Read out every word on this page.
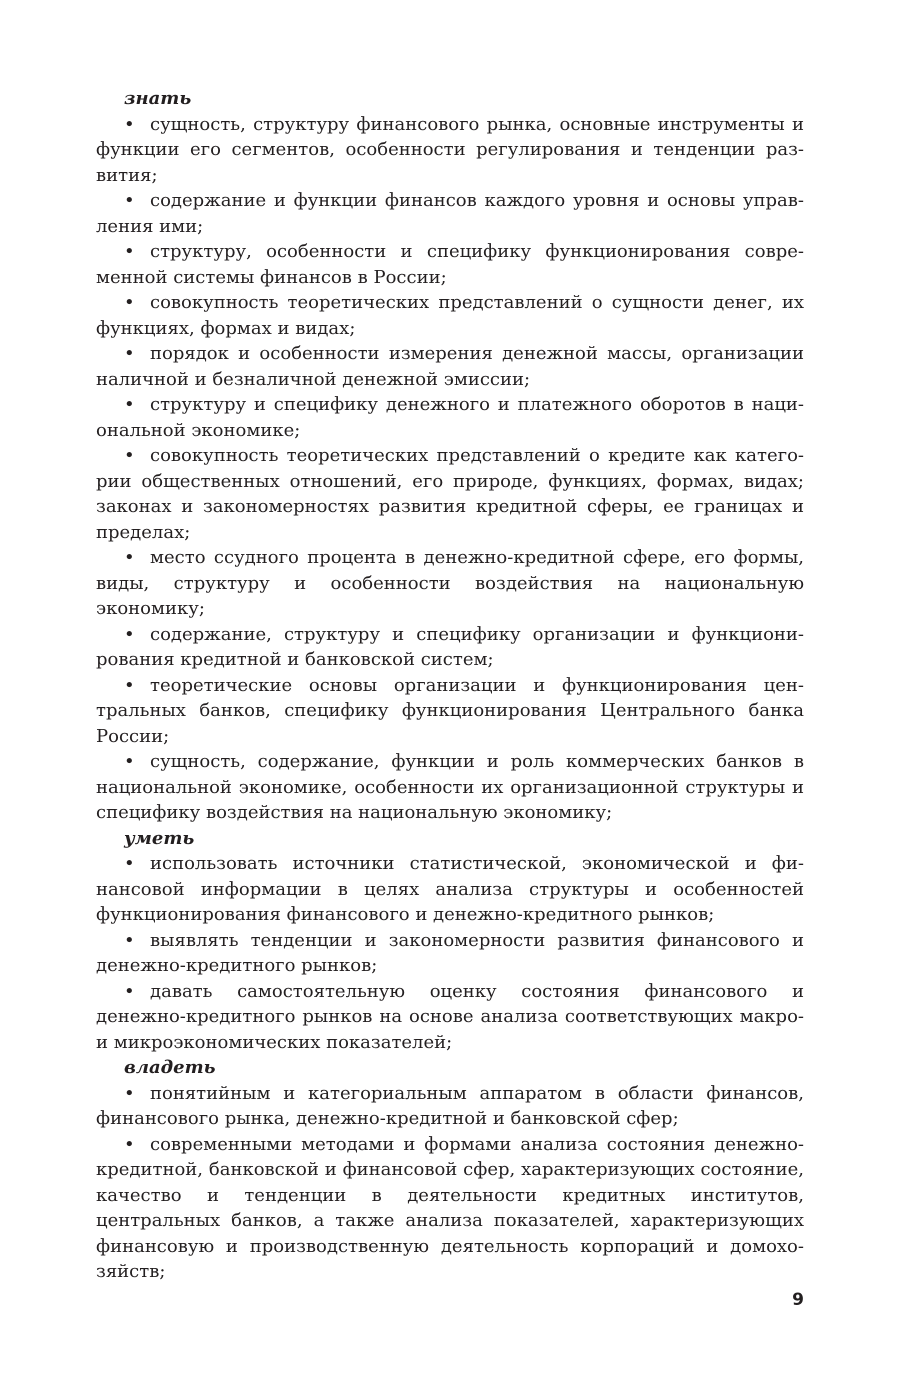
знать
• сущность, структуру финансового рынка, основные инструменты и функции его сегментов, особенности регулирования и тенденции развития;
• содержание и функции финансов каждого уровня и основы управления ими;
• структуру, особенности и специфику функционирования современной системы финансов в России;
• совокупность теоретических представлений о сущности денег, их функциях, формах и видах;
• порядок и особенности измерения денежной массы, организации наличной и безналичной денежной эмиссии;
• структуру и специфику денежного и платежного оборотов в национальной экономике;
• совокупность теоретических представлений о кредите как категории общественных отношений, его природе, функциях, формах, видах; законах и закономерностях развития кредитной сферы, ее границах и пределах;
• место ссудного процента в денежно-кредитной сфере, его формы, виды, структуру и особенности воздействия на национальную экономику;
• содержание, структуру и специфику организации и функционирования кредитной и банковской систем;
• теоретические основы организации и функционирования центральных банков, специфику функционирования Центрального банка России;
• сущность, содержание, функции и роль коммерческих банков в национальной экономике, особенности их организационной структуры и специфику воздействия на национальную экономику;
уметь
• использовать источники статистической, экономической и финансовой информации в целях анализа структуры и особенностей функционирования финансового и денежно-кредитного рынков;
• выявлять тенденции и закономерности развития финансового и денежно-кредитного рынков;
• давать самостоятельную оценку состояния финансового и денежно-кредитного рынков на основе анализа соответствующих макро- и микроэкономических показателей;
владеть
• понятийным и категориальным аппаратом в области финансов, финансового рынка, денежно-кредитной и банковской сфер;
• современными методами и формами анализа состояния денежно-кредитной, банковской и финансовой сфер, характеризующих состояние, качество и тенденции в деятельности кредитных институтов, центральных банков, а также анализа показателей, характеризующих финансовую и производственную деятельность корпораций и домохозяйств;
9
